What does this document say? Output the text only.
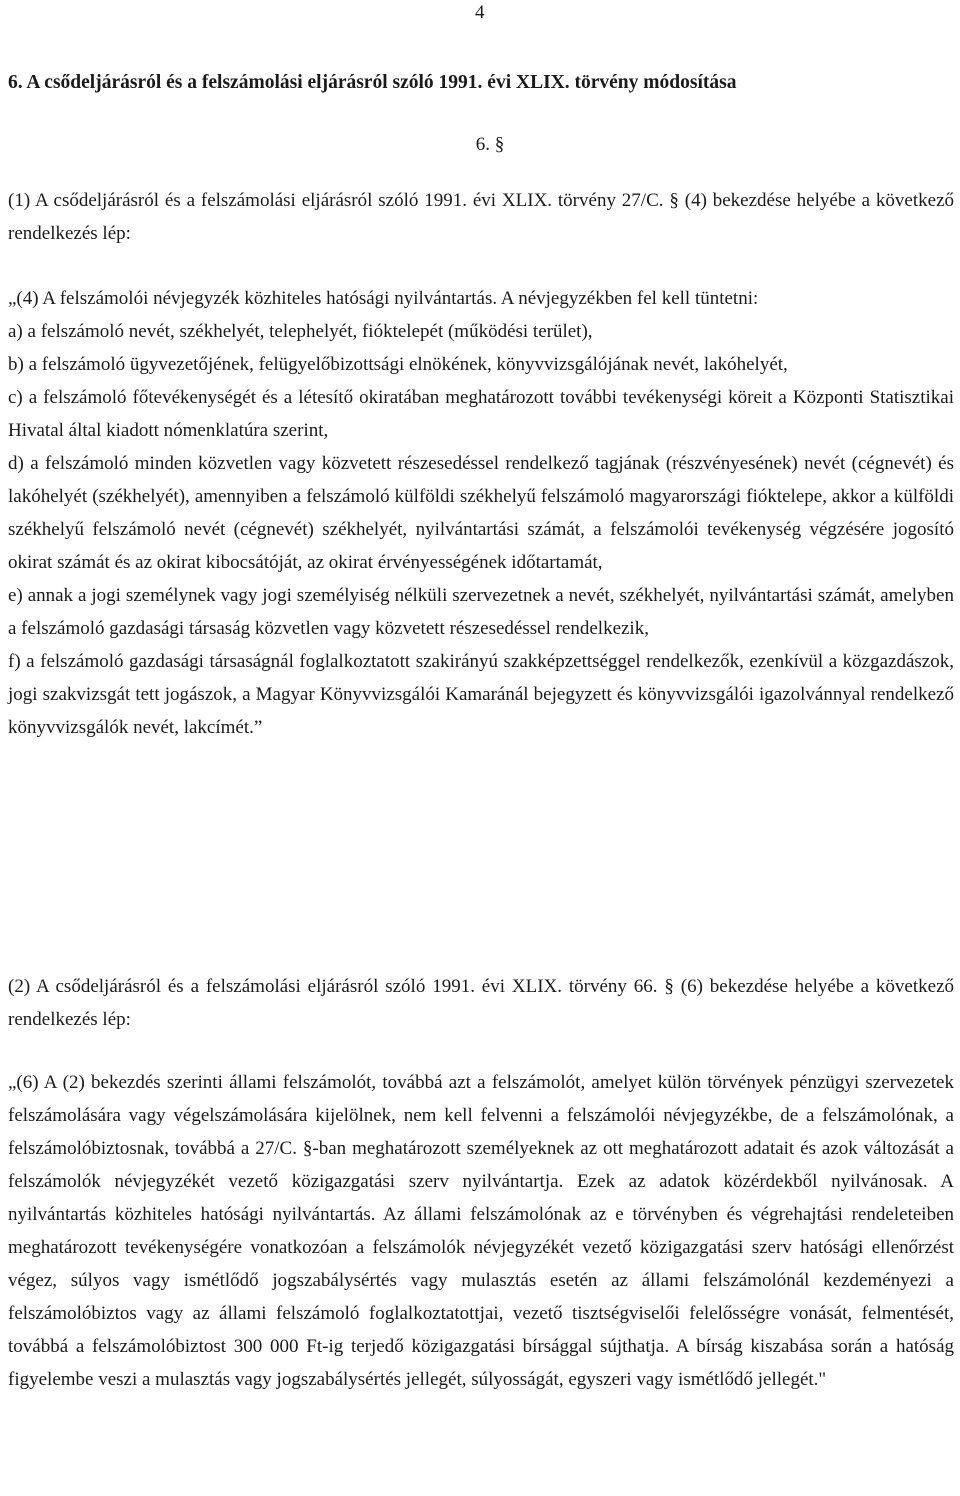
4
6. A csődeljárásról és a felszámolási eljárásról szóló 1991. évi XLIX. törvény módosítása
6. §

(1) A csődeljárásról és a felszámolási eljárásról szóló 1991. évi XLIX. törvény 27/C. § (4) bekezdése helyébe a következő rendelkezés lép:

„(4) A felszámolói névjegyzék közhiteles hatósági nyilvántartás. A névjegyzékben fel kell tüntetni:

a) a felszámoló nevét, székhelyét, telephelyét, fióktelepét (működési terület),

b) a felszámoló ügyvezetőjének, felügyelőbizottsági elnökének, könyvvizsgálójának nevét, lakóhelyét,

c) a felszámoló főtevékenységét és a létesítő okiratában meghatározott további tevékenységi köreit a Központi Statisztikai Hivatal által kiadott nómenklatúra szerint,

d) a felszámoló minden közvetlen vagy közvetett részesedéssel rendelkező tagjának (részvényesének) nevét (cégnevét) és lakóhelyét (székhelyét), amennyiben a felszámoló külföldi székhelyű felszámoló magyarországi fióktelepe, akkor a külföldi székhelyű felszámoló nevét (cégnevét) székhelyét, nyilvántartási számát, a felszámolói tevékenység végzésére jogosító okirat számát és az okirat kibocsátóját, az okirat érvényességének időtartamát,

e) annak a jogi személynek vagy jogi személyiség nélküli szervezetnek a nevét, székhelyét, nyilvántartási számát, amelyben a felszámoló gazdasági társaság közvetlen vagy közvetett részesedéssel rendelkezik,

f) a felszámoló gazdasági társaságnál foglalkoztatott szakirányú szakképzettséggel rendelkezők, ezenkívül a közgazdászok, jogi szakvizsgát tett jogászok, a Magyar Könyvvizsgálói Kamaránál bejegyzett és könyvvizsgálói igazolvánnyal rendelkező könyvvizsgálók nevét, lakcímét.”

(2) A csődeljárásról és a felszámolási eljárásról szóló 1991. évi XLIX. törvény 66. § (6) bekezdése helyébe a következő rendelkezés lép:

„(6) A (2) bekezdés szerinti állami felszámolót, továbbá azt a felszámolót, amelyet külön törvények pénzügyi szervezetek felszámolására vagy végelszámolására kijelölnek, nem kell felvenni a felszámolói névjegyzékbe, de a felszámolónak, a felszámolóbiztosnak, továbbá a 27/C. §-ban meghatározott személyeknek az ott meghatározott adatait és azok változását a felszámolók névjegyzékét vezető közigazgatási szerv nyilvántartja. Ezek az adatok közérdekből nyilvánosak. A nyilvántartás közhiteles hatósági nyilvántartás. Az állami felszámolónak az e törvényben és végrehajtási rendeleteiben meghatározott tevékenységére vonatkozóan a felszámolók névjegyzékét vezető közigazgatási szerv hatósági ellenőrzést végez, súlyos vagy ismétlődő jogszabálysértés vagy mulasztás esetén az állami felszámolónál kezdeményezi a felszámolóbiztos vagy az állami felszámoló foglalkoztatottjai, vezető tisztségviselői felelősségre vonását, felmentését, továbbá a felszámolóbiztost 300 000 Ft-ig terjedő közigazgatási bírsággal sújthatja. A bírság kiszabása során a hatóság figyelembe veszi a mulasztás vagy jogszabálysértés jellegét, súlyosságát, egyszeri vagy ismétlődő jellegét."
